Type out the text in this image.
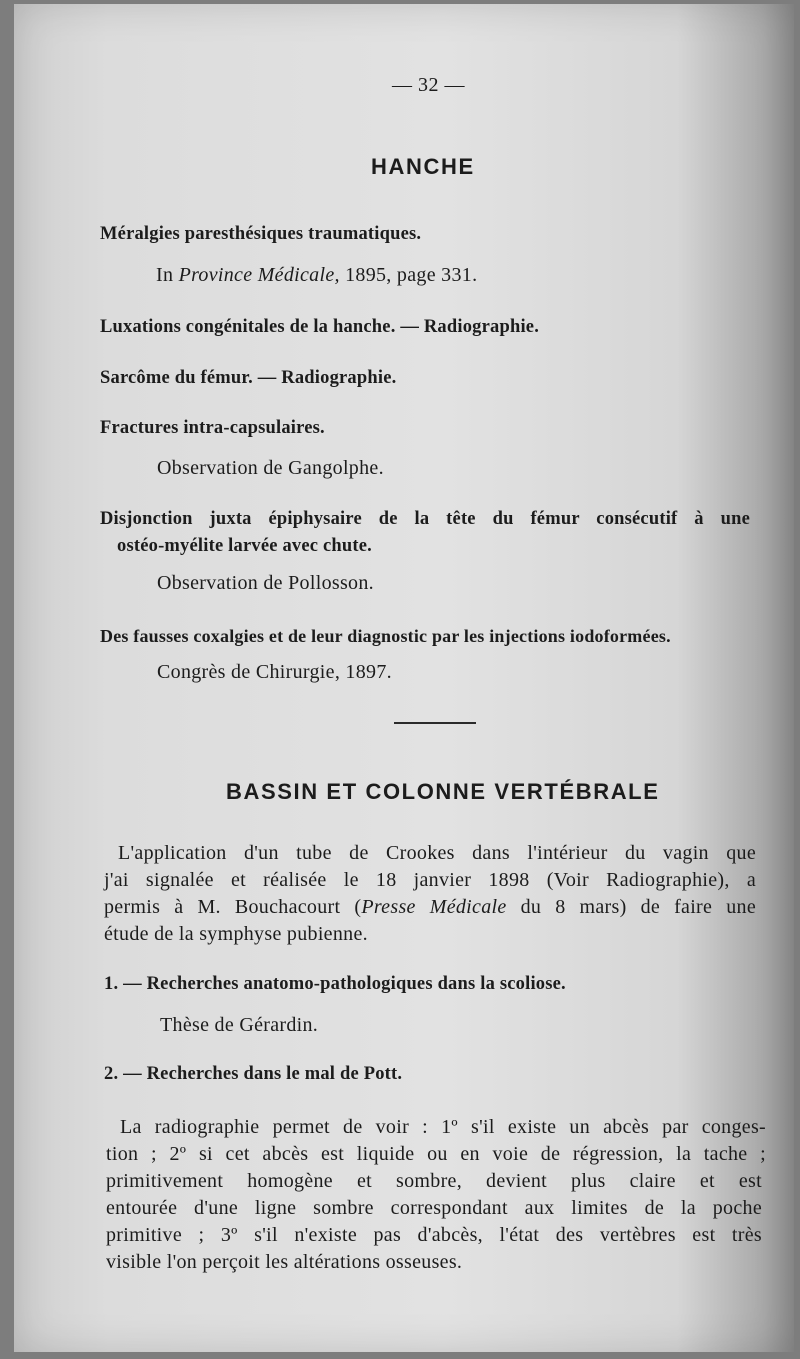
— 32 —
HANCHE
Méralgies paresthésiques traumatiques.
In Province Médicale, 1895, page 331.
Luxations congénitales de la hanche. — Radiographie.
Sarcôme du fémur. — Radiographie.
Fractures intra-capsulaires.
Observation de Gangolphe.
Disjonction juxta épiphysaire de la tête du fémur consécutif à une
ostéo-myélite larvée avec chute.
Observation de Pollosson.
Des fausses coxalgies et de leur diagnostic par les injections iodoformées.
Congrès de Chirurgie, 1897.
BASSIN ET COLONNE VERTÉBRALE
L'application d'un tube de Crookes dans l'intérieur du vagin que
j'ai signalée et réalisée le 18 janvier 1898 (Voir Radiographie), a
permis à M. Bouchacourt (Presse Médicale du 8 mars) de faire une
étude de la symphyse pubienne.
1. — Recherches anatomo-pathologiques dans la scoliose.
Thèse de Gérardin.
2. — Recherches dans le mal de Pott.
La radiographie permet de voir : 1º s'il existe un abcès par conges-
tion ; 2º si cet abcès est liquide ou en voie de régression, la tache ;
primitivement homogène et sombre, devient plus claire et est
entourée d'une ligne sombre correspondant aux limites de la poche
primitive ; 3º s'il n'existe pas d'abcès, l'état des vertèbres est très
visible l'on perçoit les altérations osseuses.
